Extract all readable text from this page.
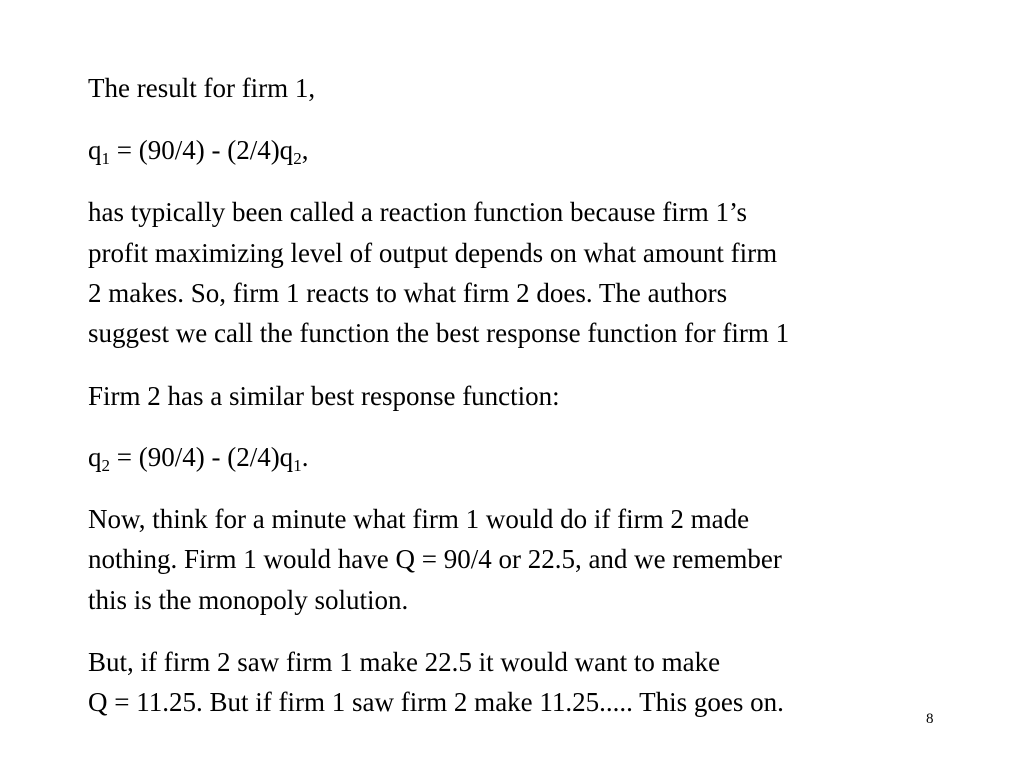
The result for firm 1,

$q_1 = (90/4) - (2/4)q_2$,

has typically been called a reaction function because firm 1’s

profit maximizing level of output depends on what amount firm

2 makes. So, firm 1 reacts to what firm 2 does. The authors

suggest we call the function the best response function for firm 1

Firm 2 has a similar best response function:

$q_2 = (90/4) - (2/4)q_1$.

Now, think for a minute what firm 1 would do if firm 2 made

nothing. Firm 1 would have Q = 90/4 or 22.5, and we remember

this is the monopoly solution.

But, if firm 2 saw firm 1 make 22.5 it would want to make

Q = 11.25. But if firm 1 saw firm 2 make 11.25..... This goes on.

8
